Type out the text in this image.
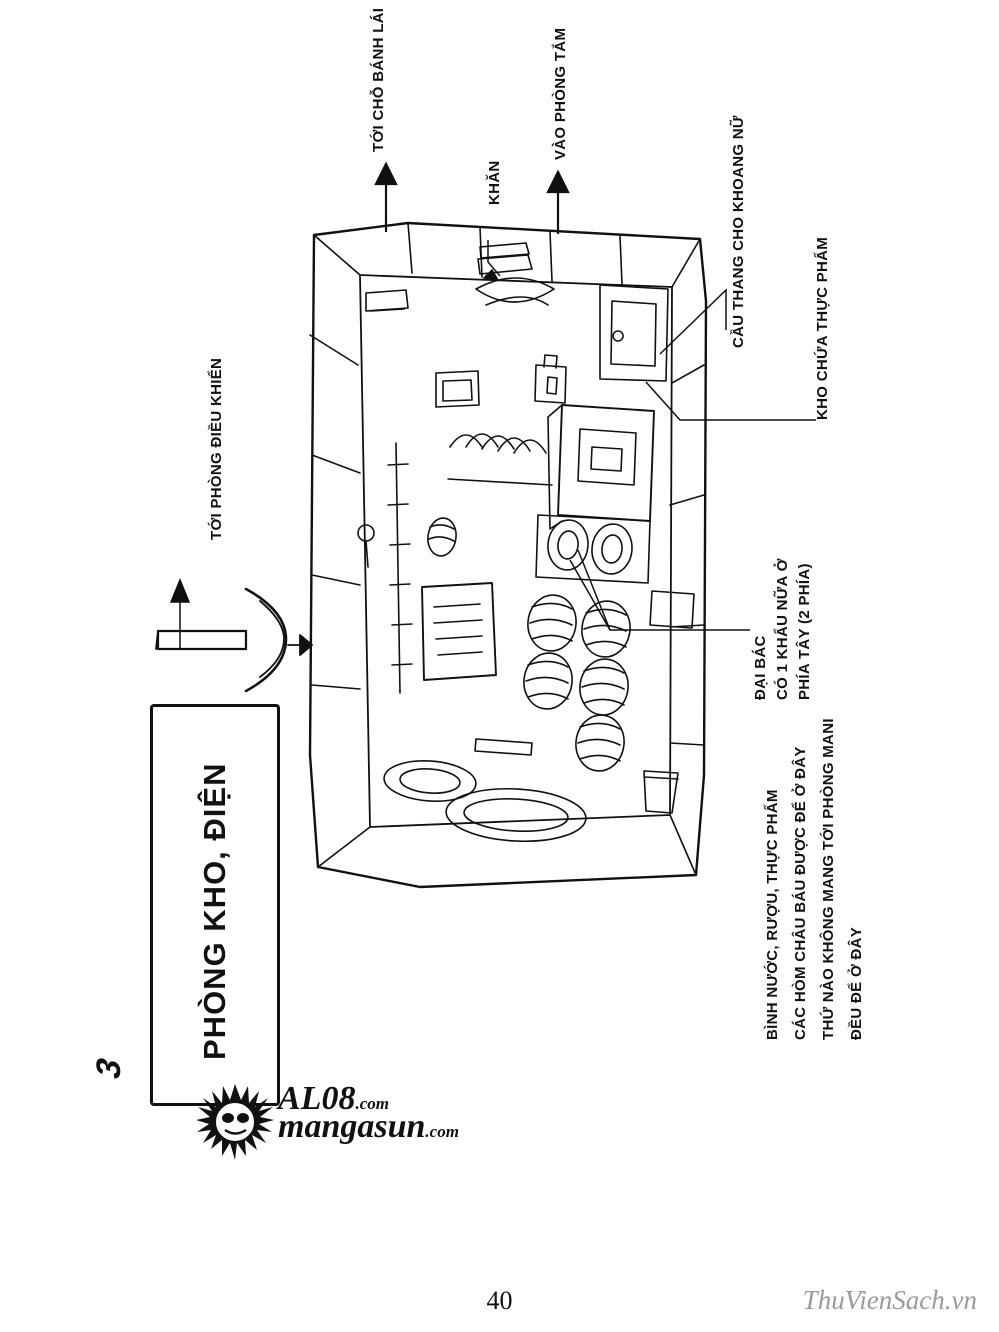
PHÒNG KHO, ĐIỆN
3
TỚI CHỖ BÁNH LÁI
KHĂN
VÀO PHÒNG TẮM
CẦU THANG CHO KHOANG NỮ	KHO CHỨA THỰC PHẨM
TỚI PHÒNG ĐIỀU KHIỂN
ĐẠI BÁC CÓ 1 KHẨU NỮA Ở PHÍA TÂY (2 PHÍA)
BÌNH NƯỚC, RƯỢU, THỰC PHẨM CÁC HÒM CHÂU BÁU ĐƯỢC ĐỂ Ở ĐÂY THỨ NÀO KHÔNG MANG TỚI PHÒNG MANI ĐỀU ĐỂ Ở ĐÂY
AL08.com
mangasun.com
40	ThuVienSach.vn
